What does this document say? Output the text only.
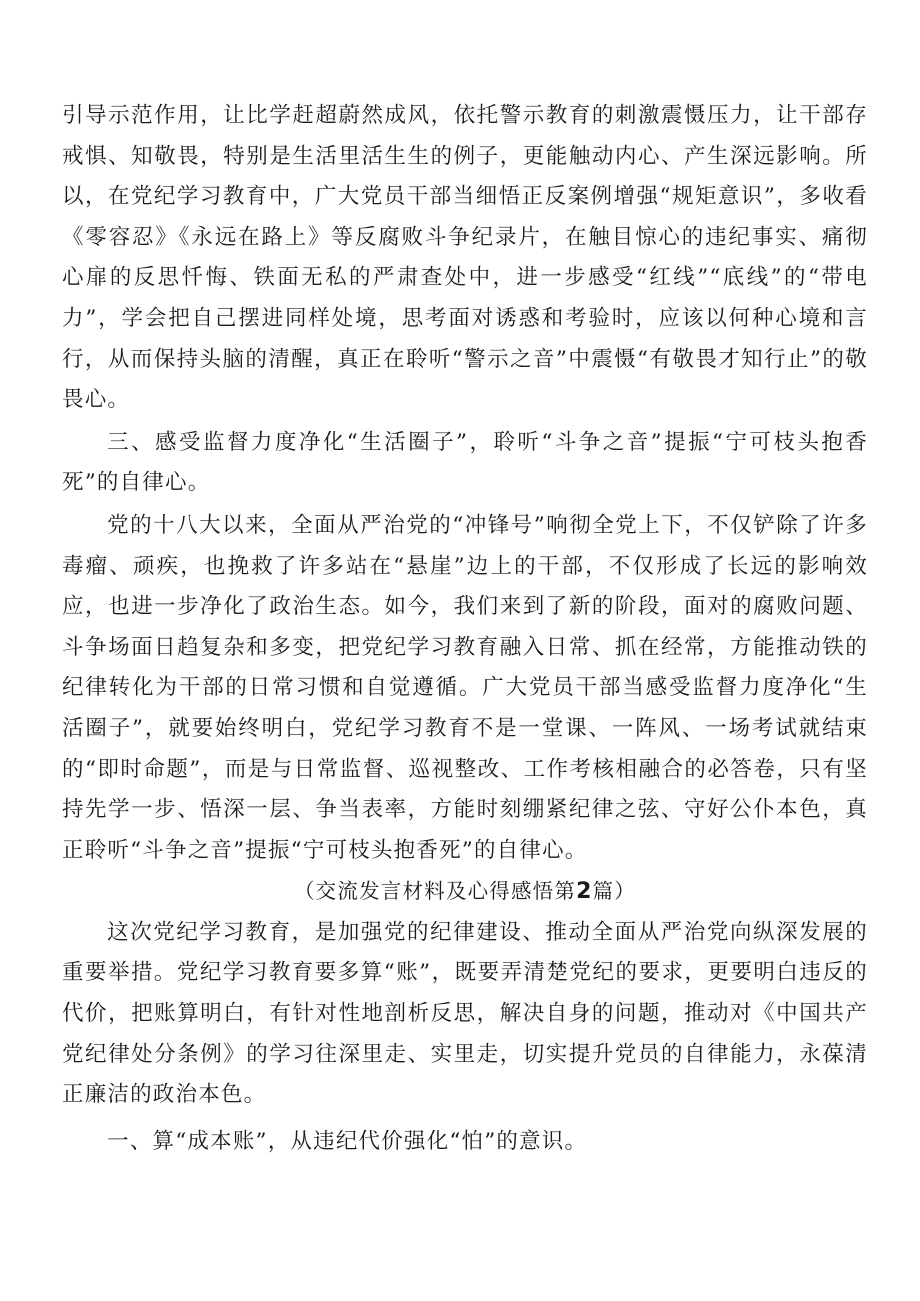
引导示范作用，让比学赶超蔚然成风，依托警示教育的刺激震慑压力，让干部存戒惧、知敬畏，特别是生活里活生生的例子，更能触动内心、产生深远影响。所以，在党纪学习教育中，广大党员干部当细悟正反案例增强“规矩意识”，多收看《零容忍》《永远在路上》等反腐败斗争纪录片，在触目惊心的违纪事实、痛彻心扉的反思忏悔、铁面无私的严肃查处中，进一步感受“红线”“底线”的“带电力”，学会把自己摆进同样处境，思考面对诱惑和考验时，应该以何种心境和言行，从而保持头脑的清醒，真正在聆听“警示之音”中震慑“有敬畏才知行止”的敬畏心。

三、感受监督力度净化“生活圈子”，聆听“斗争之音”提振“宁可枝头抱香死”的自律心。

党的十八大以来，全面从严治党的“冲锋号”响彻全党上下，不仅铲除了许多毒瘤、顽疾，也挽救了许多站在“悬崖”边上的干部，不仅形成了长远的影响效应，也进一步净化了政治生态。如今，我们来到了新的阶段，面对的腐败问题、斗争场面日趋复杂和多变，把党纪学习教育融入日常、抓在经常，方能推动铁的纪律转化为干部的日常习惯和自觉遵循。广大党员干部当感受监督力度净化“生活圈子”，就要始终明白，党纪学习教育不是一堂课、一阵风、一场考试就结束的“即时命题”，而是与日常监督、巡视整改、工作考核相融合的必答卷，只有坚持先学一步、悟深一层、争当表率，方能时刻绷紧纪律之弦、守好公仆本色，真正聆听“斗争之音”提振“宁可枝头抱香死”的自律心。

（交流发言材料及心得感悟第2篇）

这次党纪学习教育，是加强党的纪律建设、推动全面从严治党向纵深发展的重要举措。党纪学习教育要多算“账”，既要弄清楚党纪的要求，更要明白违反的代价，把账算明白，有针对性地剖析反思，解决自身的问题，推动对《中国共产党纪律处分条例》的学习往深里走、实里走，切实提升党员的自律能力，永葆清正廉洁的政治本色。

一、算“成本账”，从违纪代价强化“怕”的意识。
